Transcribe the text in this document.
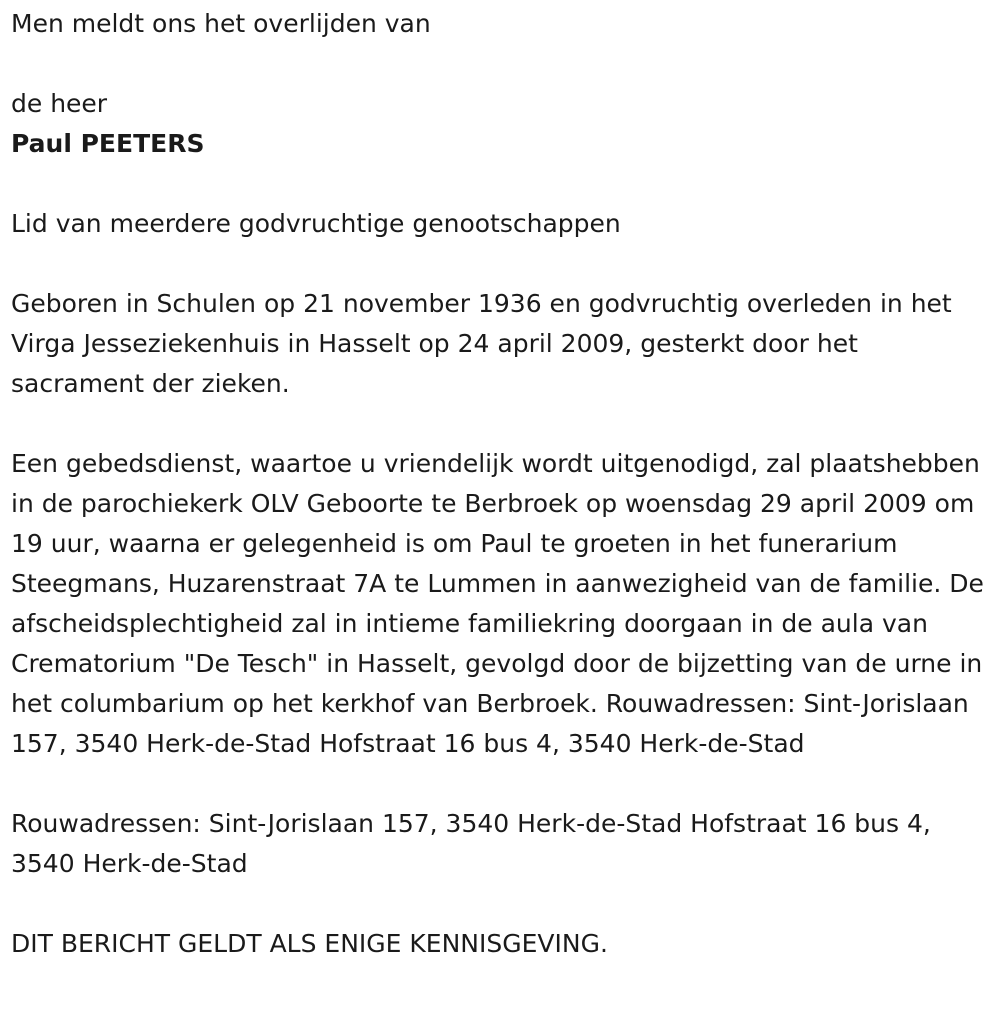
Men meldt ons het overlijden van

de heer

Paul PEETERS

Lid van meerdere godvruchtige genootschappen

Geboren in Schulen op 21 november 1936 en godvruchtig overleden in het Virga Jesseziekenhuis in Hasselt op 24 april 2009, gesterkt door het sacrament der zieken.

Een gebedsdienst, waartoe u vriendelijk wordt uitgenodigd, zal plaatshebben in de parochiekerk OLV Geboorte te Berbroek op woensdag 29 april 2009 om 19 uur, waarna er gelegenheid is om Paul te groeten in het funerarium Steegmans, Huzarenstraat 7A te Lummen in aanwezigheid van de familie. De afscheidsplechtigheid zal in intieme familiekring doorgaan in de aula van Crematorium "De Tesch" in Hasselt, gevolgd door de bijzetting van de urne in het columbarium op het kerkhof van Berbroek. Rouwadressen: Sint-Jorislaan 157, 3540 Herk-de-Stad Hofstraat 16 bus 4, 3540 Herk-de-Stad

Rouwadressen: Sint-Jorislaan 157, 3540 Herk-de-Stad Hofstraat 16 bus 4, 3540 Herk-de-Stad

DIT BERICHT GELDT ALS ENIGE KENNISGEVING.
